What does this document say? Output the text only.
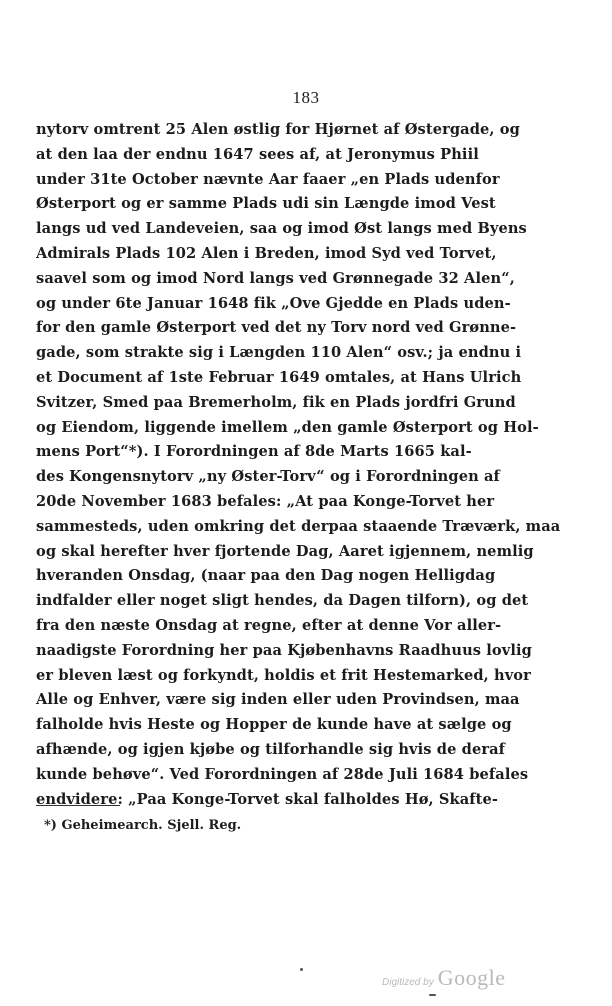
183
nytorv omtrent 25 Alen østlig for Hjørnet af Østergade, og
at den laa der endnu 1647 sees af, at Jeronymus Phiil
under 31te October nævnte Aar faaer „en Plads udenfor
Østerport og er samme Plads udi sin Længde imod Vest
langs ud ved Landeveien, saa og imod Øst langs med Byens
Admirals Plads 102 Alen i Breden, imod Syd ved Torvet,
saavel som og imod Nord langs ved Grønnegade 32 Alen“,
og under 6te Januar 1648 fik „Ove Gjedde en Plads uden-
for den gamle Østerport ved det ny Torv nord ved Grønne-
gade, som strakte sig i Længden 110 Alen“ osv.; ja endnu i
et Document af 1ste Februar 1649 omtales, at Hans Ulrich
Svitzer, Smed paa Bremerholm, fik en Plads jordfri Grund
og Eiendom, liggende imellem „den gamle Østerport og Hol-
mens Port“*). I Forordningen af 8de Marts 1665 kal-
des Kongensnytorv „ny Øster-Torv“ og i Forordningen af
20de November 1683 befales: „At paa Konge-Torvet her
sammesteds, uden omkring det derpaa staaende Træværk, maa
og skal herefter hver fjortende Dag, Aaret igjennem, nemlig
hveranden Onsdag, (naar paa den Dag nogen Helligdag
indfalder eller noget sligt hendes, da Dagen tilforn), og det
fra den næste Onsdag at regne, efter at denne Vor aller-
naadigste Forordning her paa Kjøbenhavns Raadhuus lovlig
er bleven læst og forkyndt, holdis et frit Hestemarked, hvor
Alle og Enhver, være sig inden eller uden Provindsen, maa
falholde hvis Heste og Hopper de kunde have at sælge og
afhænde, og igjen kjøbe og tilforhandle sig hvis de deraf
kunde behøve“. Ved Forordningen af 28de Juli 1684 befales
endvidere: „Paa Konge-Torvet skal falholdes Hø, Skafte-
*) Geheimearch. Sjell. Reg.
Digitized by Google
